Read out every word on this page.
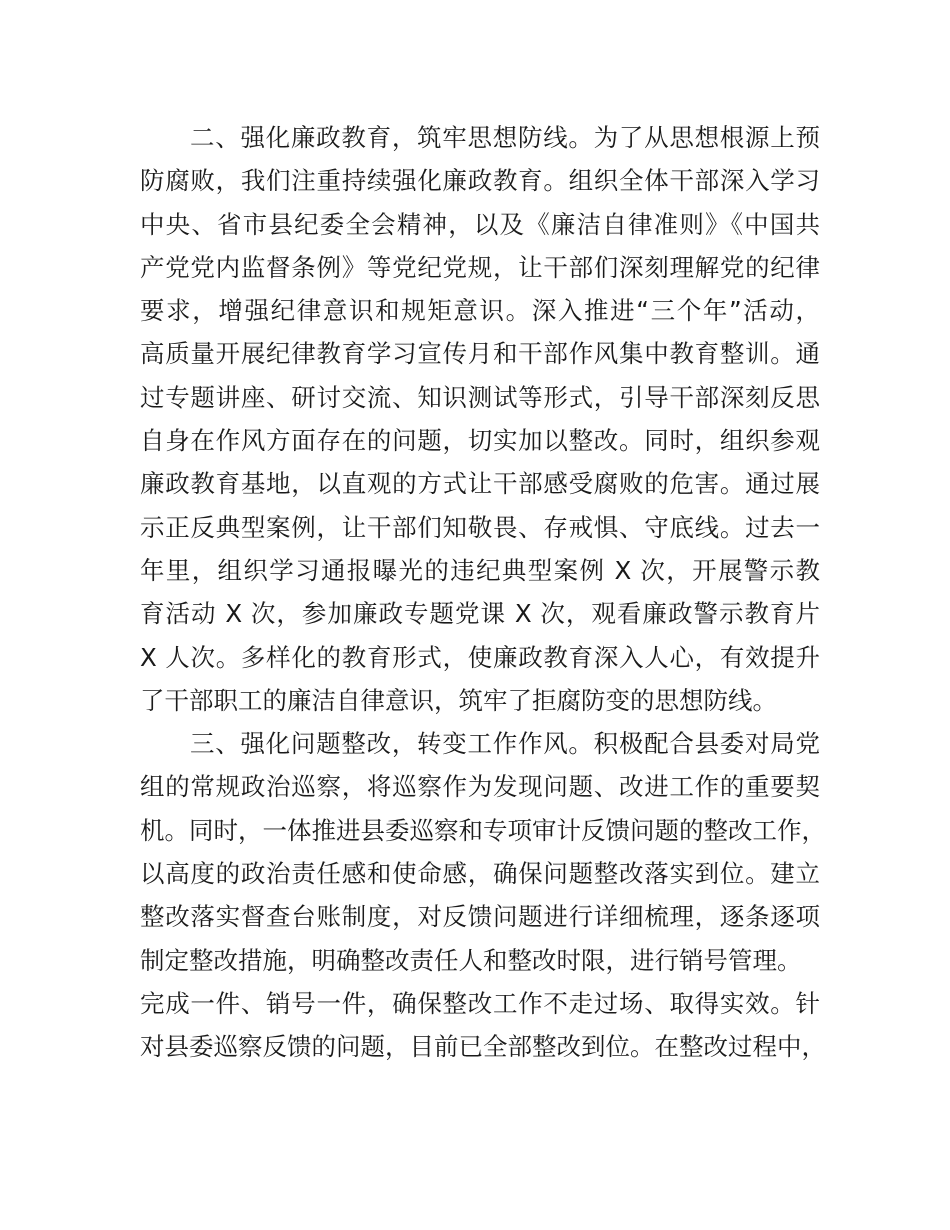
二、强化廉政教育，筑牢思想防线。为了从思想根源上预
防腐败，我们注重持续强化廉政教育。组织全体干部深入学习
中央、省市县纪委全会精神，以及《廉洁自律准则》《中国共
产党党内监督条例》等党纪党规，让干部们深刻理解党的纪律
要求，增强纪律意识和规矩意识。深入推进“三个年”活动，
高质量开展纪律教育学习宣传月和干部作风集中教育整训。通
过专题讲座、研讨交流、知识测试等形式，引导干部深刻反思
自身在作风方面存在的问题，切实加以整改。同时，组织参观
廉政教育基地，以直观的方式让干部感受腐败的危害。通过展
示正反典型案例，让干部们知敬畏、存戒惧、守底线。过去一
年里，组织学习通报曝光的违纪典型案例 X 次，开展警示教
育活动 X 次，参加廉政专题党课 X 次，观看廉政警示教育片
X 人次。多样化的教育形式，使廉政教育深入人心，有效提升
了干部职工的廉洁自律意识，筑牢了拒腐防变的思想防线。
三、强化问题整改，转变工作作风。积极配合县委对局党
组的常规政治巡察，将巡察作为发现问题、改进工作的重要契
机。同时，一体推进县委巡察和专项审计反馈问题的整改工作，
以高度的政治责任感和使命感，确保问题整改落实到位。建立
整改落实督查台账制度，对反馈问题进行详细梳理，逐条逐项
制定整改措施，明确整改责任人和整改时限，进行销号管理。
完成一件、销号一件，确保整改工作不走过场、取得实效。针
对县委巡察反馈的问题，目前已全部整改到位。在整改过程中，
